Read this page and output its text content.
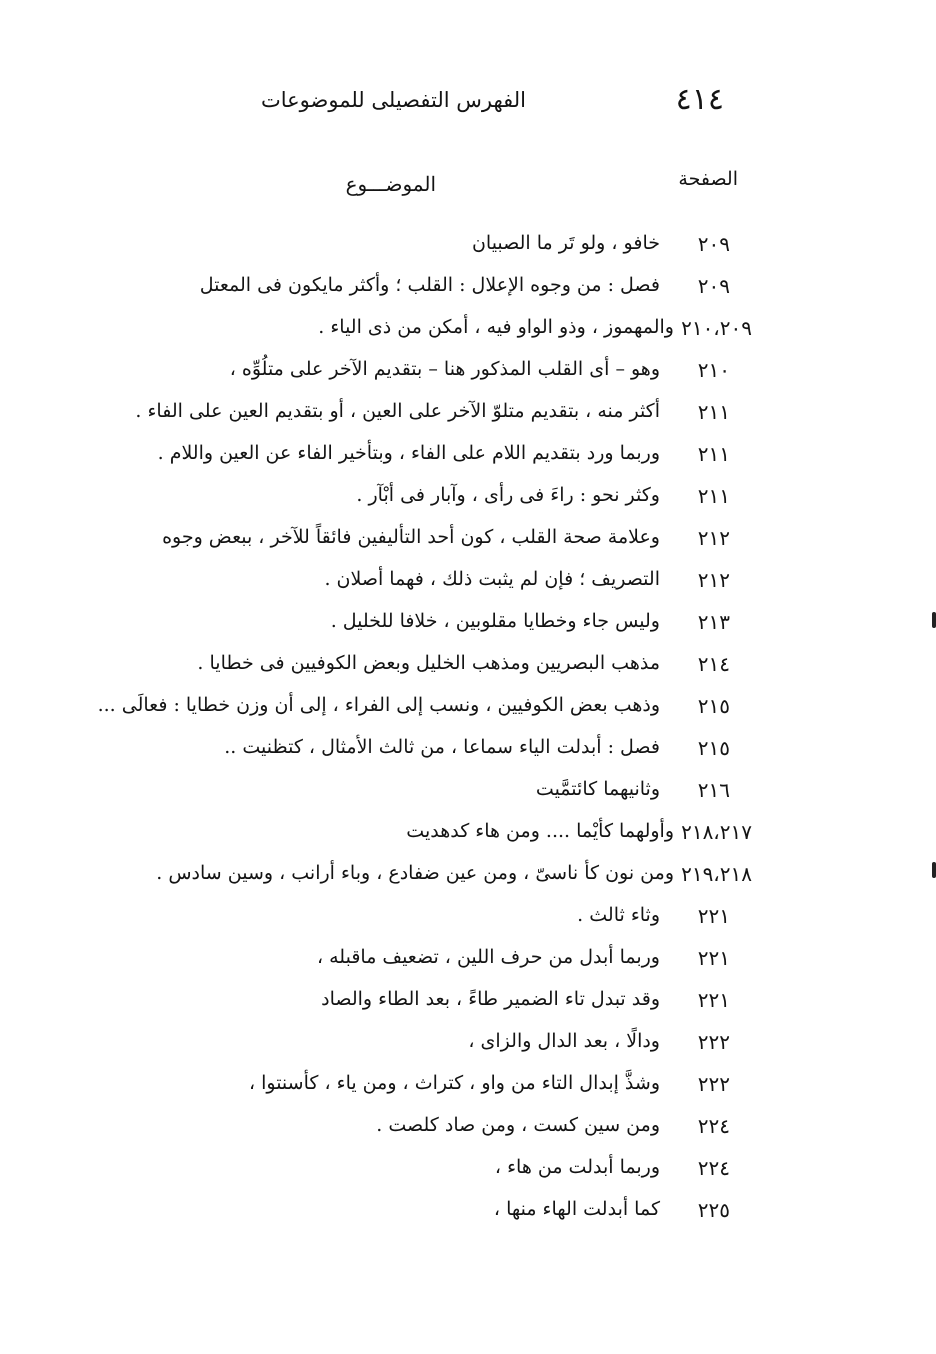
٤١٤
الفهرس التفصيلى للموضوعات
الصفحة
الموضـــوع
٢٠٩
خافو ، ولو تَر ما الصبيان
٢٠٩
فصل : من وجوه الإعلال : القلب ؛ وأكثر مايكون فى المعتل
٢١٠،٢٠٩
والمهموز ، وذو الواو فيه ، أمكن من ذى الياء .
٢١٠
وهو – أى القلب المذكور هنا – بتقديم الآخر على متلُوِّه ،
٢١١
أكثر منه ، بتقديم متلوّ الآخر على العين ، أو بتقديم العين على الفاء .
٢١١
وربما ورد بتقديم اللام على الفاء ، وبتأخير الفاء عن العين واللام .
٢١١
وكثر نحو : راءَ فى رأى ، وآبار فى أبْآر .
٢١٢
وعلامة صحة القلب ، كون أحد التأليفين فائقاً للآخر ، ببعض وجوه
٢١٢
التصريف ؛ فإن لم يثبت ذلك ، فهما أصلان .
٢١٣
وليس جاء وخطايا مقلوبين ، خلافا للخليل .
٢١٤
مذهب البصريين ومذهب الخليل وبعض الكوفيين فى خطايا .
٢١٥
وذهب بعض الكوفيين ، ونسب إلى الفراء ، إلى أن وزن خطايا : فعالَى ...
٢١٥
فصل : أبدلت الياء سماعا ، من ثالث الأمثال ، كتظنيت ..
٢١٦
وثانيهما كائتمَّيت
٢١٨،٢١٧
وأولهما كأيْما .... ومن هاء كدهديت
٢١٩،٢١٨
ومن نون كأ ناسىّ ، ومن عين ضفادع ، وباء أرانب ، وسين سادس .
٢٢١
وثاء ثالث .
٢٢١
وربما أبدل من حرف اللين ، تضعيف ماقبله ،
٢٢١
وقد تبدل تاء الضمير طاءً ، بعد الطاء والصاد
٢٢٢
ودالًا ، بعد الدال والزاى ،
٢٢٢
وشذَّ إبدال التاء من واو ، كتراث ، ومن ياء ، كأسنتوا ،
٢٢٤
ومن سين كست ، ومن صاد كلصت .
٢٢٤
وربما أبدلت من هاء ،
٢٢٥
كما أبدلت الهاء منها ،
